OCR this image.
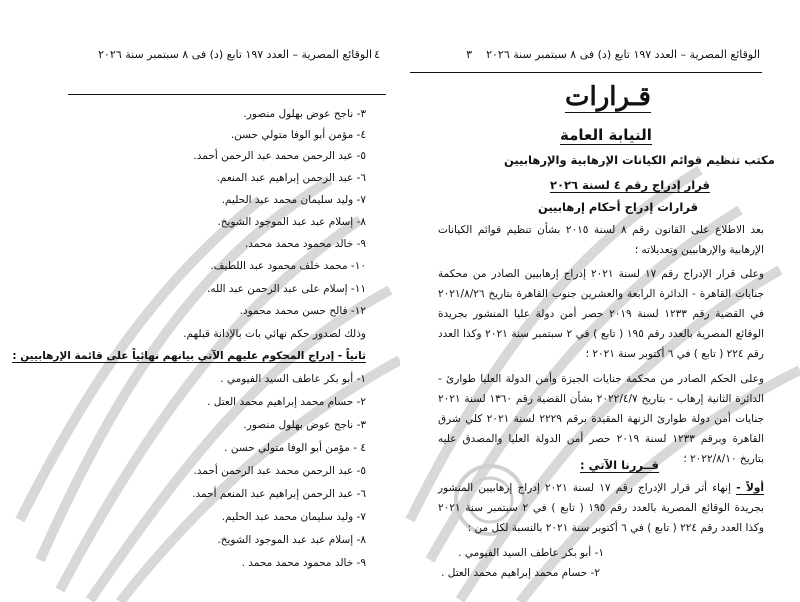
الوقائع المصرية – العدد ١٩٧ تابع (د) فى ٨ سبتمبر سنة ٢٠٢٦ ٤
٣- ناجح عوض بهلول منصور.
٤- مؤمن أبو الوفا متولي حسن.
٥- عبد الرحمن محمد عبد الرحمن أحمد.
٦- عبد الرحمن إبراهيم عبد المنعم.
٧- وليد سليمان محمد عبد الحليم.
٨- إسلام عبد عبد الموجود الشويخ.
٩- خالد محمود محمد محمد.
١٠- محمد خلف محمود عبد اللطيف.
١١- إسلام على عبد الرحمن عبد الله.
١٢- فالح حسن محمد محمود.
وذلك لصدور حكم نهائي بات بالإدانة قبلهم.
ثانياً - إدراج المحكوم عليهم الآتي بيانهم نهائياً على قائمة الإرهابيين :
١- أبو بكر عاطف السيد الفيومي .
٢- حسام محمد إبراهيم محمد العتل .
٣- ناجح عوض بهلول منصور.
٤ - مؤمن أبو الوفا متولي حسن .
٥- عبد الرحمن محمد عبد الرحمن أحمد.
٦- عبد الرحمن إبراهيم عبد المنعم أحمد.
٧- وليد سليمان محمد عبد الحليم.
٨- إسلام عبد عبد الموجود الشويخ.
٩- خالد محمود محمد محمد .
الوقائع المصرية – العدد ١٩٧ تابع (د) فى ٨ سبتمبر سنة ٢٠٢٦
٣
قـرارات
النيابة العامة
مكتب تنظيم قوائم الكيانات الإرهابية والإرهابيين
قرار إدراج رقم ٤ لسنة ٢٠٢٦
قرارات إدراج أحكام إرهابيين
بعد الاطلاع على القانون رقم ٨ لسنة ٢٠١٥ بشأن تنظيم قوائم الكيانات الإرهابية والإرهابيين وتعديلاته ؛
وعلى قرار الإدراج رقم ١٧ لسنة ٢٠٢١ إدراج إرهابيين الصادر من محكمة جنايات القاهرة - الدائرة الرابعة والعشرين جنوب القاهرة بتاريخ ٢٠٢١/٨/٢٦ في القضية رقم ١٢٣٣ لسنة ٢٠١٩ حصر أمن دولة عليا المنشور بجريدة الوقائع المصرية بالعدد رقم ١٩٥ ( تابع ) في ٢ سبتمبر سنة ٢٠٢١ وكذا العدد رقم ٢٢٤ ( تابع ) في ٦ أكتوبر سنة ٢٠٢١ ؛
وعلى الحكم الصادر من محكمة جنايات الجيزة وأمن الدولة العليا طوارئ - الدائرة الثانية إرهاب - بتاريخ ٢٠٢٢/٤/٧ بشأن القضية رقم ١٣٦٠ لسنة ٢٠٢١ جنايات أمن دولة طوارئ الزنهة المقيدة برقم ٢٢٢٩ لسنة ٢٠٢١ كلي شرق القاهرة وبرقم ١٢٣٣ لسنة ٢٠١٩ حصر أمن الدولة العليا والمصدق عليه بتاريخ ٢٠٢٢/٨/١٠ ؛
قــررنا الآتي :
أولاً - إنهاء أثر قرار الإدراج رقم ١٧ لسنة ٢٠٢١ إدراج إرهابيين المنشور بجريدة الوقائع المصرية بالعدد رقم ١٩٥ ( تابع ) في ٢ سبتمبر سنة ٢٠٢١ وكذا العدد رقم ٢٢٤ ( تابع ) في ٦ أكتوبر سنة ٢٠٢١ بالنسبة لكل من :
١- أبو بكر عاطف السيد الفيومي .
٢- حسام محمد إبراهيم محمد العتل .
